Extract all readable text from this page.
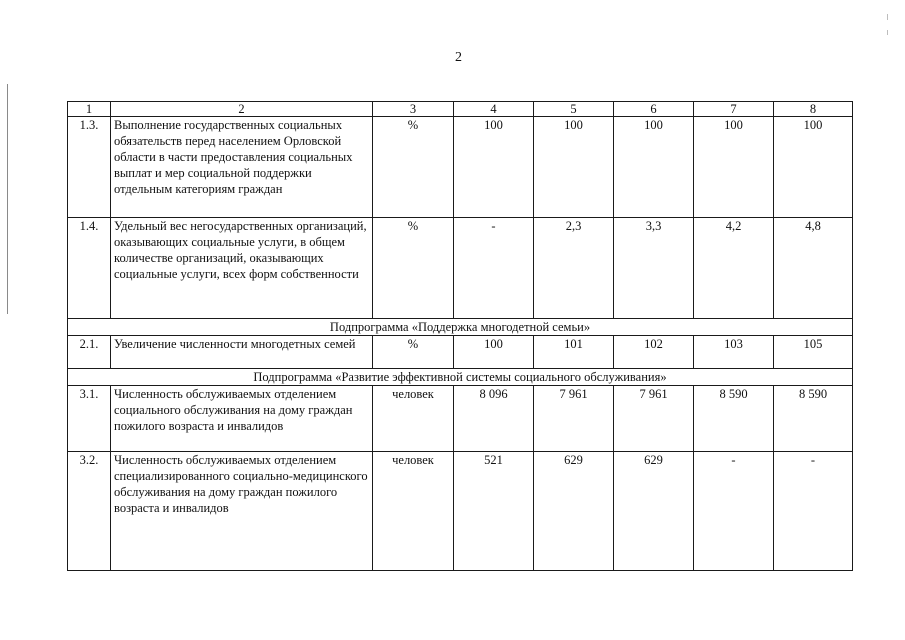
2
1	2	3	4	5	6	7	8
1.3.	Выполнение государственных социальных обязательств перед населением Орловской области в части предоставления социальных выплат и мер социальной поддержки отдельным категориям граждан	%	100	100	100	100	100
1.4.	Удельный вес негосударственных организаций, оказывающих социальные услуги, в общем количестве организаций, оказывающих социальные услуги, всех форм собственности	%	-	2,3	3,3	4,2	4,8
Подпрограмма «Поддержка многодетной семьи»							
2.1.	Увеличение численности многодетных семей	%	100	101	102	103	105
Подпрограмма «Развитие эффективной системы социального обслуживания»							
3.1.	Численность обслуживаемых отделением социального обслуживания на дому граждан пожилого возраста и инвалидов	человек	8 096	7 961	7 961	8 590	8 590
3.2.	Численность обслуживаемых отделением специализированного социально-медицинского обслуживания на дому граждан пожилого возраста и инвалидов	человек	521	629	629	-	-
